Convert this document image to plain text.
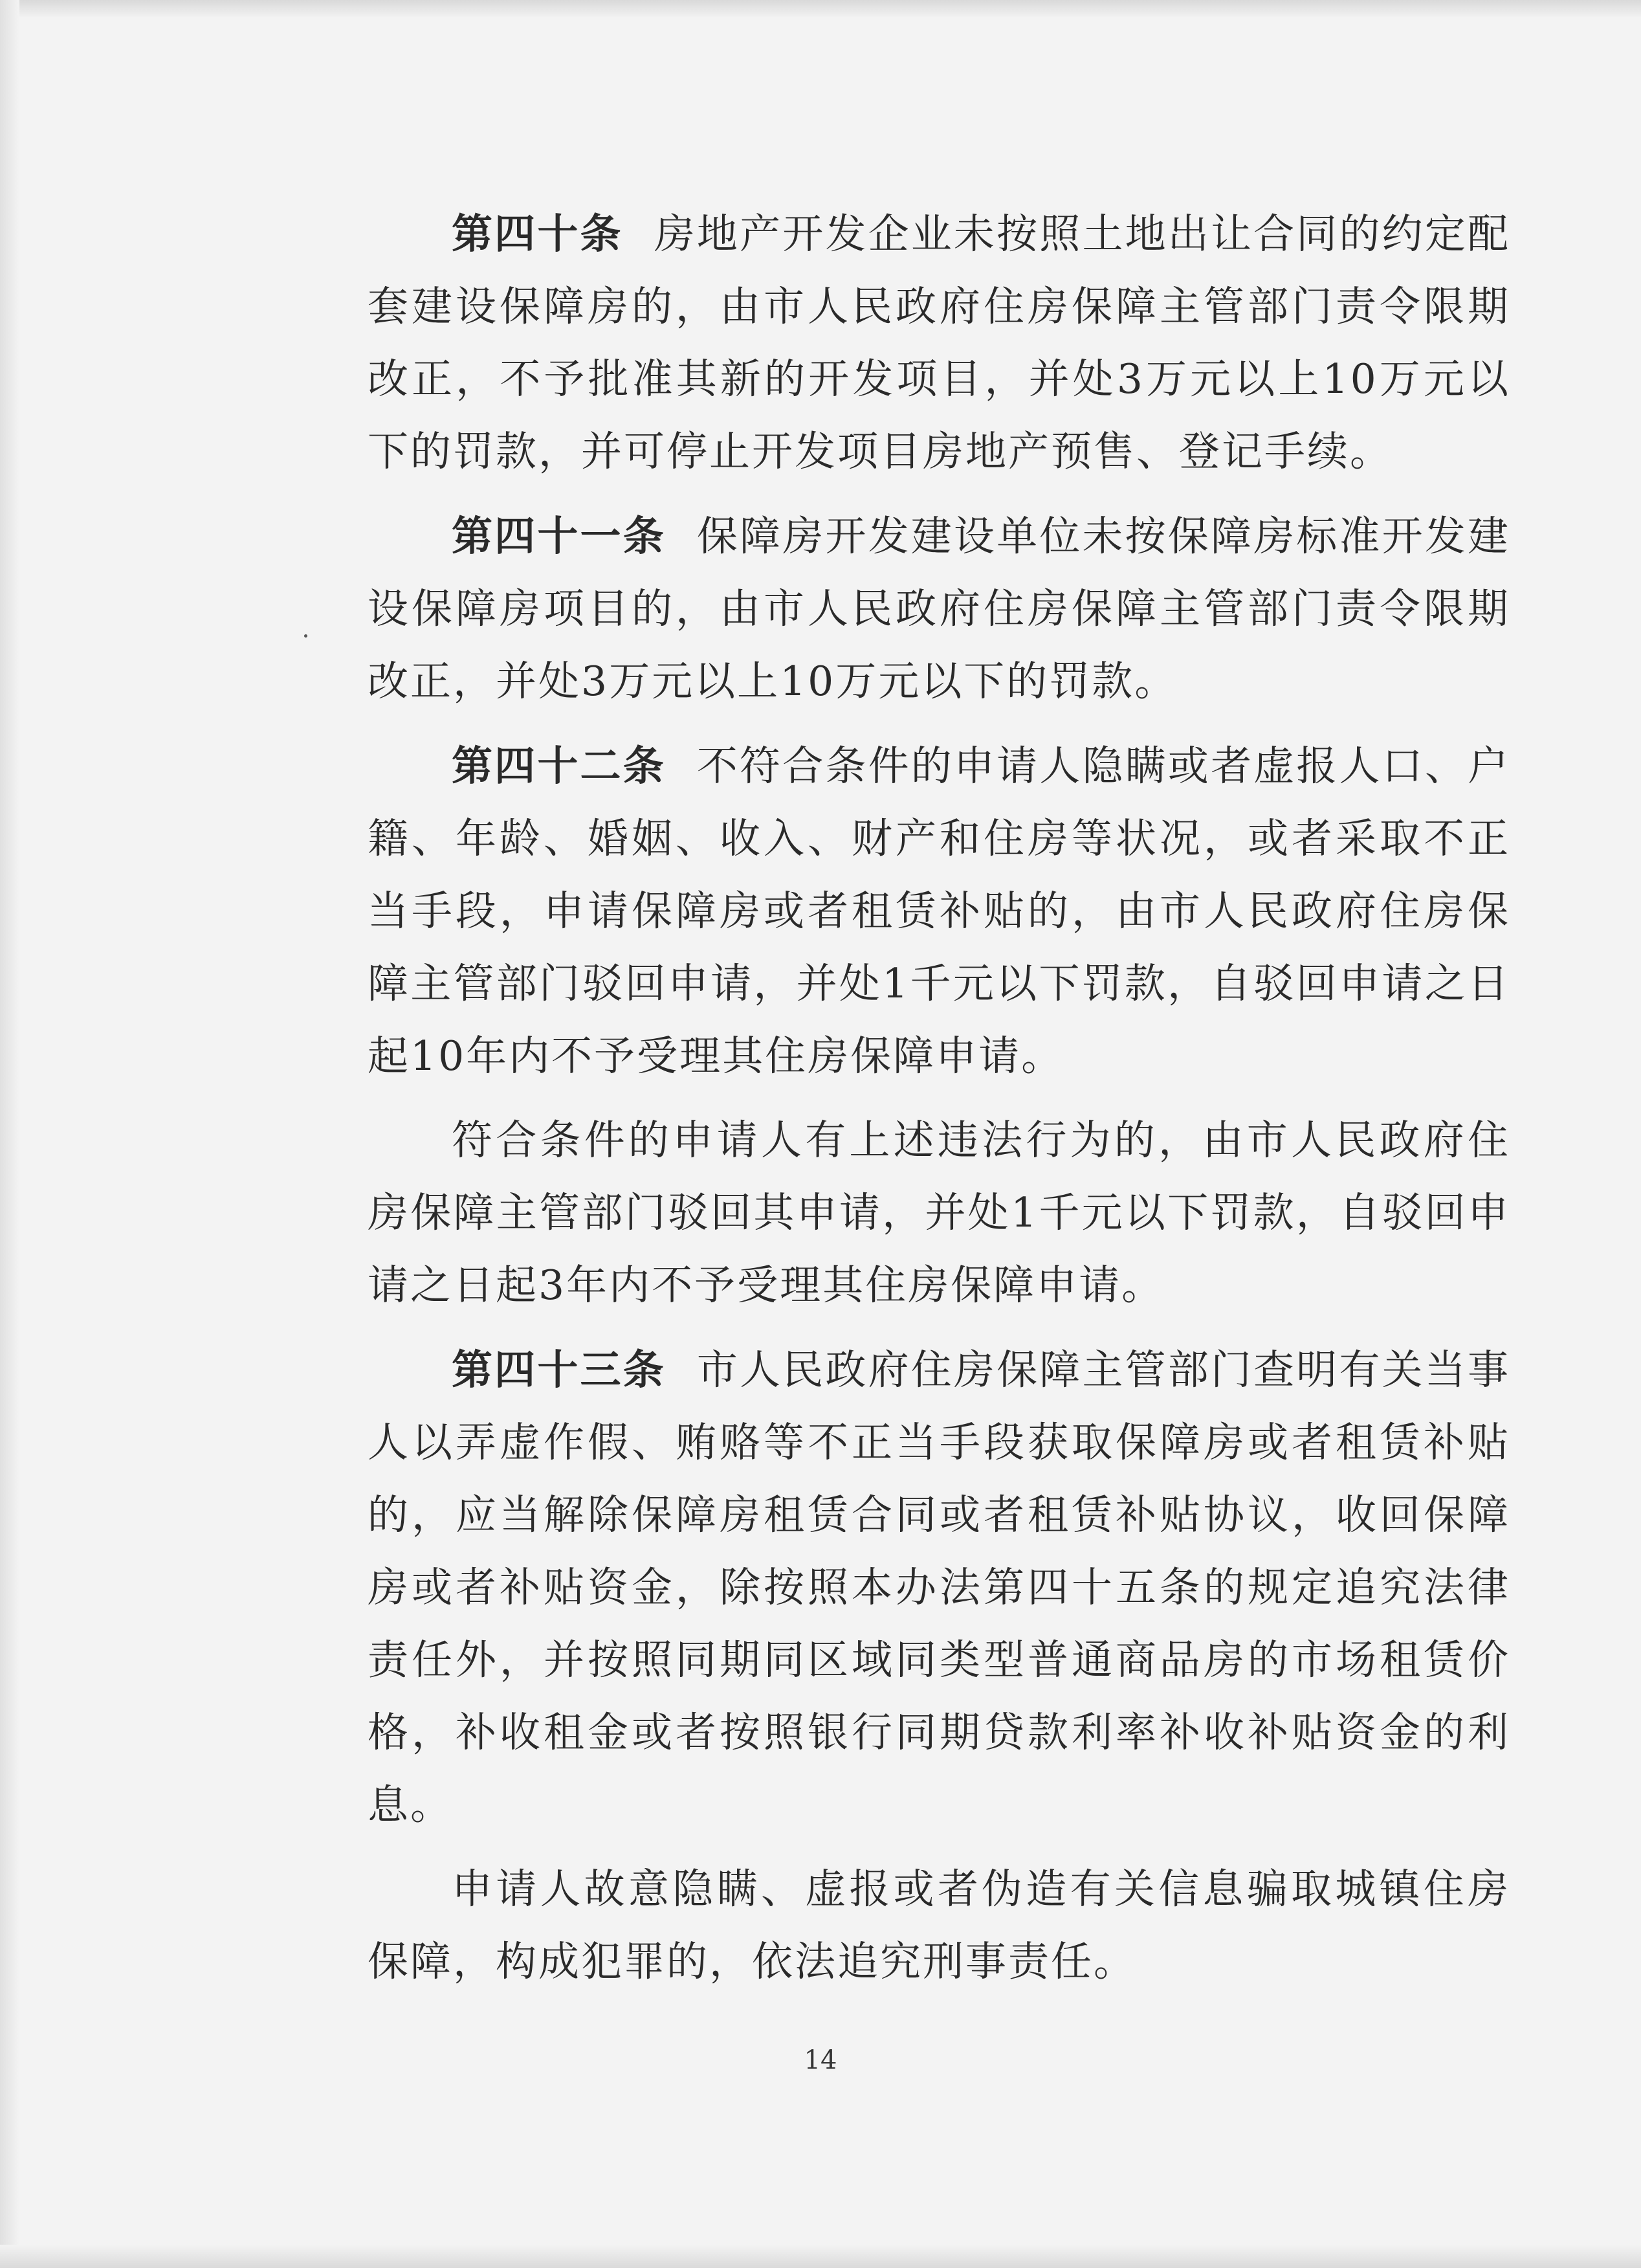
第四十条 房地产开发企业未按照土地出让合同的约定配套建设保障房的，由市人民政府住房保障主管部门责令限期改正，不予批准其新的开发项目，并处3万元以上10万元以下的罚款，并可停止开发项目房地产预售、登记手续。

第四十一条 保障房开发建设单位未按保障房标准开发建设保障房项目的，由市人民政府住房保障主管部门责令限期改正，并处3万元以上10万元以下的罚款。

第四十二条 不符合条件的申请人隐瞒或者虚报人口、户籍、年龄、婚姻、收入、财产和住房等状况，或者采取不正当手段，申请保障房或者租赁补贴的，由市人民政府住房保障主管部门驳回申请，并处1千元以下罚款，自驳回申请之日起10年内不予受理其住房保障申请。

符合条件的申请人有上述违法行为的，由市人民政府住房保障主管部门驳回其申请，并处1千元以下罚款，自驳回申请之日起3年内不予受理其住房保障申请。

第四十三条 市人民政府住房保障主管部门查明有关当事人以弄虚作假、贿赂等不正当手段获取保障房或者租赁补贴的，应当解除保障房租赁合同或者租赁补贴协议，收回保障房或者补贴资金，除按照本办法第四十五条的规定追究法律责任外，并按照同期同区域同类型普通商品房的市场租赁价格，补收租金或者按照银行同期贷款利率补收补贴资金的利息。

申请人故意隐瞒、虚报或者伪造有关信息骗取城镇住房保障，构成犯罪的，依法追究刑事责任。

14
